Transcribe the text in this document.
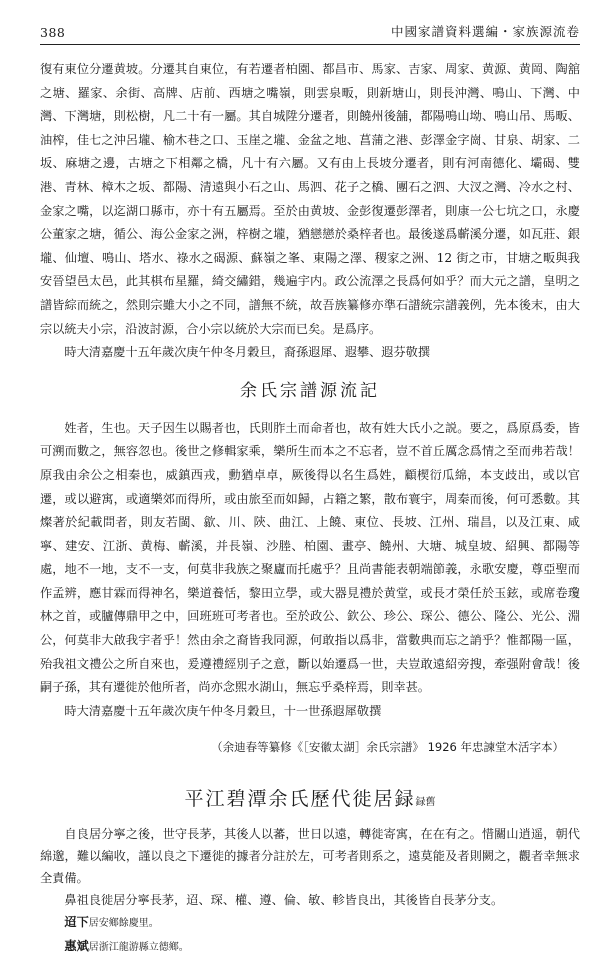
388	中國家譜資料選編・家族源流卷

復有東位分遷黄坡。分遷其自東位，有若遷者柏園、都昌市、馬家、吉家、周家、黄源、黄岡、陶舘之塘、羅家、余街、高牌、店前、西塘之嘴嶺，則雲泉畈，則新塘山，則長沖灣、鳴山、下灣、中灣、下灣塘，則松樹，凡二十有一屬。其自城陞分遷者，則饒州後舖，都陽鳴山坳、鳴山吊、馬畈、油榨，佳七之沖呂壠、榆木巷之口、玉崖之壠、金盆之地、菖蒲之港、彭澤金字崗、甘泉、胡家、二坂、麻塘之邊，古塘之下相鄰之橋，凡十有六屬。又有由上長坡分遷者，則有河南德化、壩碣、雙港、青林、樟木之坂、都陽、清遠與小石之山、馬泗、花子之橋、團石之泗、大汊之灣、冷水之村、金家之嘴，以迄湖口縣市，亦十有五屬焉。至於由黄坡、金彭復遷彭澤者，則康一公七坑之口，永慶公董家之塘，循公、海公金家之洲，梓樹之壠，猶戀戀於桑梓者也。最後遂爲蘄溪分遷，如瓦莊、銀壠、仙壇、鳴山、塔水、祿水之碣源、蘇嶺之峯、東陽之澤、稷家之洲、12 街之市，甘塘之畈與我安晉望邑太邑，此其棋布星羅，綺交繡錯，幾遍宇内。政公流澤之長爲何如乎？而大元之譜，皇明之譜皆綜而統之，然則宗雖大小之不同，譜無不統，故吾族纂修亦準石譜統宗譜義例，先本後末，由大宗以統夫小宗，沿波討源，合小宗以統於大宗而已矣。是爲序。

時大清嘉慶十五年歲次庚午仲冬月穀旦，裔孫遐犀、遐攀、遐芬敬撰

余氏宗譜源流記

姓者，生也。天子因生以賜者也，氏則胙土而命者也，故有姓大氏小之説。要之，爲原爲委，皆可溯而數之，無容忽也。後世之修輯家乘，樂所生而本之不忘者，豈不首丘厲念爲情之至而弗若哉！原我由余公之相秦也，威鎮西戎，勳猶卓卓，厥後得以名生爲姓，顧楔衍瓜綿，本支歧出，或以官遷，或以避寓，或適樂郊而得所，或由旅至而如歸，占籍之繁，散布寰宇，周秦而後，何可悉數。其燦著於紀載問者，則友若閩、歙、川、陝、曲江、上饒、東位、長坡、江州、瑞昌，以及江東、咸寧、建安、江浙、黄梅、蘄溪，并長嶺、沙塍、柏園、畫亭、饒州、大塘、城皇坡、紹興、都陽等處，地不一地，支不一支，何莫非我族之聚廬而托處乎？且尚書能表朝端節義，永歌安慶，尊亞聖而作孟辨，應甘霖而得神名，樂道養恬，黎田立學，或大器見禮於黄堂，或長才榮任於玉鉉，或席卷瓊林之首，或臚傳鼎甲之中，回班班可考者也。至於政公、欽公、珍公、琛公、德公、隆公、光公、淵公，何莫非大啟我宇者乎！然由余之裔皆我同源，何敢指以爲非，當數典而忘之誚乎？惟都陽一區，殆我祖文禮公之所自來也，爰遵禮經別子之意，斷以始遷爲一世，夫豈敢遠紹旁搜，牽强附會哉！後嗣子孫，其有遷徙於他所者，尚亦念煕水湖山，無忘乎桑梓焉，則幸甚。

時大清嘉慶十五年歲次庚午仲冬月穀旦，十一世孫遐犀敬撰

（余迪春等纂修《［安徽太湖］余氏宗譜》 1926 年忠諫堂木活字本）
平江碧潭余氏歷代徙居録録舊

自良居分寧之後，世守長茅，其後人以蕃，世日以遠，轉徙寄寓，在在有之。惜關山逍遥，朝代綿邈，難以編收，謹以良之下遷徙的據者分註於左，可考者則系之，遠莫能及者則闕之，觀者幸無求全責備。

鼻祖良徙居分寧長茅，迢、琛、權、遵、倫、敏、軫皆良出，其後皆自長茅分支。

迢下居安鄉餘慶里。

惠斌居浙江龍游縣立德鄉。
